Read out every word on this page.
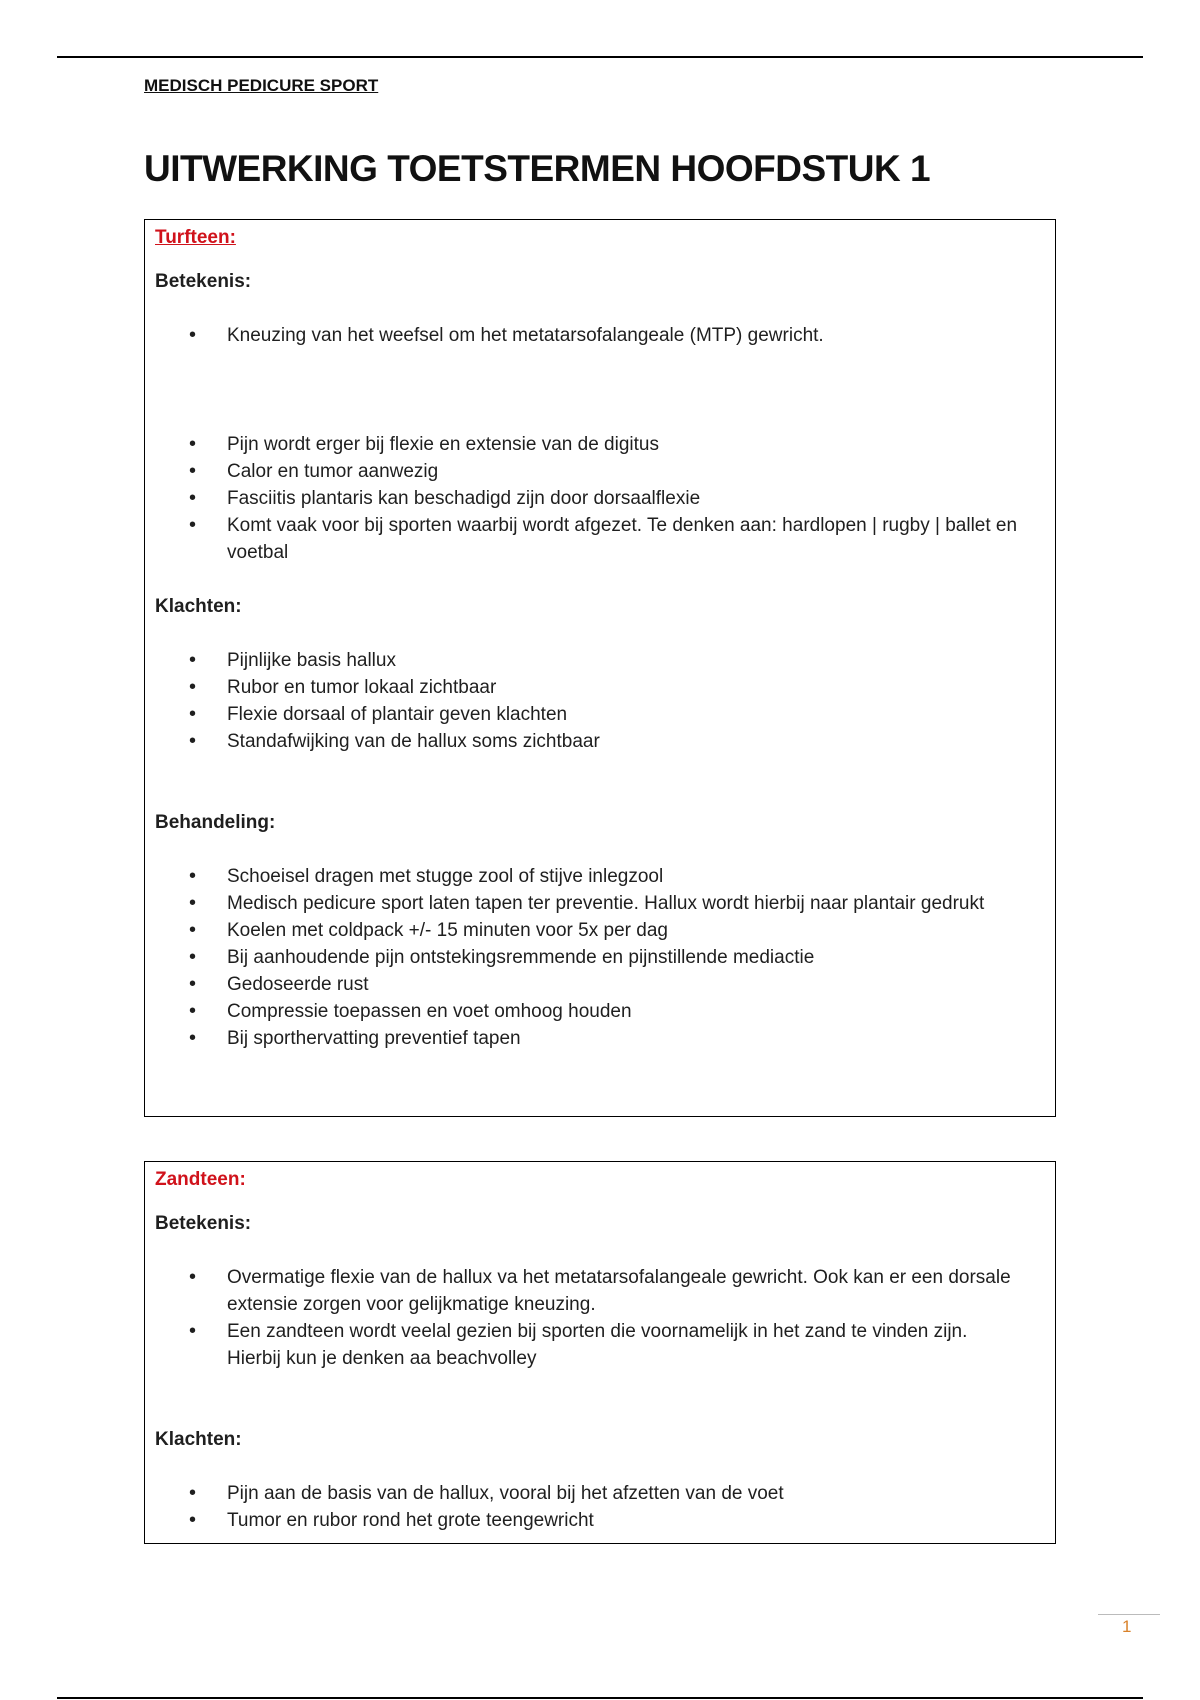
MEDISCH PEDICURE SPORT
UITWERKING TOETSTERMEN HOOFDSTUK 1

Turfteen:

Betekenis:

• Kneuzing van het weefsel om het metatarsofalangeale (MTP) gewricht.
• Pijn wordt erger bij flexie en extensie van de digitus
• Calor en tumor aanwezig
• Fasciitis plantaris kan beschadigd zijn door dorsaalflexie
• Komt vaak voor bij sporten waarbij wordt afgezet. Te denken aan: hardlopen | rugby | ballet en voetbal

Klachten:

• Pijnlijke basis hallux
• Rubor en tumor lokaal zichtbaar
• Flexie dorsaal of plantair geven klachten
• Standafwijking van de hallux soms zichtbaar

Behandeling:

• Schoeisel dragen met stugge zool of stijve inlegzool
• Medisch pedicure sport laten tapen ter preventie. Hallux wordt hierbij naar plantair gedrukt
• Koelen met coldpack +/- 15 minuten voor 5x per dag
• Bij aanhoudende pijn ontstekingsremmende en pijnstillende mediactie
• Gedoseerde rust
• Compressie toepassen en voet omhoog houden
• Bij sporthervatting preventief tapen

Zandteen:

Betekenis:

• Overmatige flexie van de hallux va het metatarsofalangeale gewricht. Ook kan er een dorsale extensie zorgen voor gelijkmatige kneuzing.
• Een zandteen wordt veelal gezien bij sporten die voornamelijk in het zand te vinden zijn. Hierbij kun je denken aa beachvolley

Klachten:

• Pijn aan de basis van de hallux, vooral bij het afzetten van de voet
• Tumor en rubor rond het grote teengewricht
1
